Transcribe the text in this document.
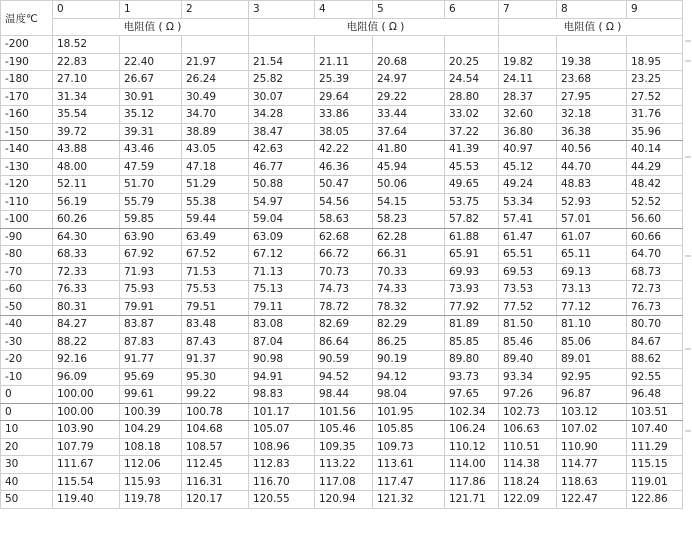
温度℃	0	1	2	3	4	5	6	7	8	9
	电阻值 ( Ω )			电阻值 ( Ω )				电阻值 ( Ω )		
-200	18.52									
-190	22.83	22.40	21.97	21.54	21.11	20.68	20.25	19.82	19.38	18.95
-180	27.10	26.67	26.24	25.82	25.39	24.97	24.54	24.11	23.68	23.25
-170	31.34	30.91	30.49	30.07	29.64	29.22	28.80	28.37	27.95	27.52
-160	35.54	35.12	34.70	34.28	33.86	33.44	33.02	32.60	32.18	31.76
-150	39.72	39.31	38.89	38.47	38.05	37.64	37.22	36.80	36.38	35.96
-140	43.88	43.46	43.05	42.63	42.22	41.80	41.39	40.97	40.56	40.14
-130	48.00	47.59	47.18	46.77	46.36	45.94	45.53	45.12	44.70	44.29
-120	52.11	51.70	51.29	50.88	50.47	50.06	49.65	49.24	48.83	48.42
-110	56.19	55.79	55.38	54.97	54.56	54.15	53.75	53.34	52.93	52.52
-100	60.26	59.85	59.44	59.04	58.63	58.23	57.82	57.41	57.01	56.60
-90	64.30	63.90	63.49	63.09	62.68	62.28	61.88	61.47	61.07	60.66
-80	68.33	67.92	67.52	67.12	66.72	66.31	65.91	65.51	65.11	64.70
-70	72.33	71.93	71.53	71.13	70.73	70.33	69.93	69.53	69.13	68.73
-60	76.33	75.93	75.53	75.13	74.73	74.33	73.93	73.53	73.13	72.73
-50	80.31	79.91	79.51	79.11	78.72	78.32	77.92	77.52	77.12	76.73
-40	84.27	83.87	83.48	83.08	82.69	82.29	81.89	81.50	81.10	80.70
-30	88.22	87.83	87.43	87.04	86.64	86.25	85.85	85.46	85.06	84.67
-20	92.16	91.77	91.37	90.98	90.59	90.19	89.80	89.40	89.01	88.62
-10	96.09	95.69	95.30	94.91	94.52	94.12	93.73	93.34	92.95	92.55
0	100.00	99.61	99.22	98.83	98.44	98.04	97.65	97.26	96.87	96.48
0	100.00	100.39	100.78	101.17	101.56	101.95	102.34	102.73	103.12	103.51
10	103.90	104.29	104.68	105.07	105.46	105.85	106.24	106.63	107.02	107.40
20	107.79	108.18	108.57	108.96	109.35	109.73	110.12	110.51	110.90	111.29
30	111.67	112.06	112.45	112.83	113.22	113.61	114.00	114.38	114.77	115.15
40	115.54	115.93	116.31	116.70	117.08	117.47	117.86	118.24	118.63	119.01
50	119.40	119.78	120.17	120.55	120.94	121.32	121.71	122.09	122.47	122.86
